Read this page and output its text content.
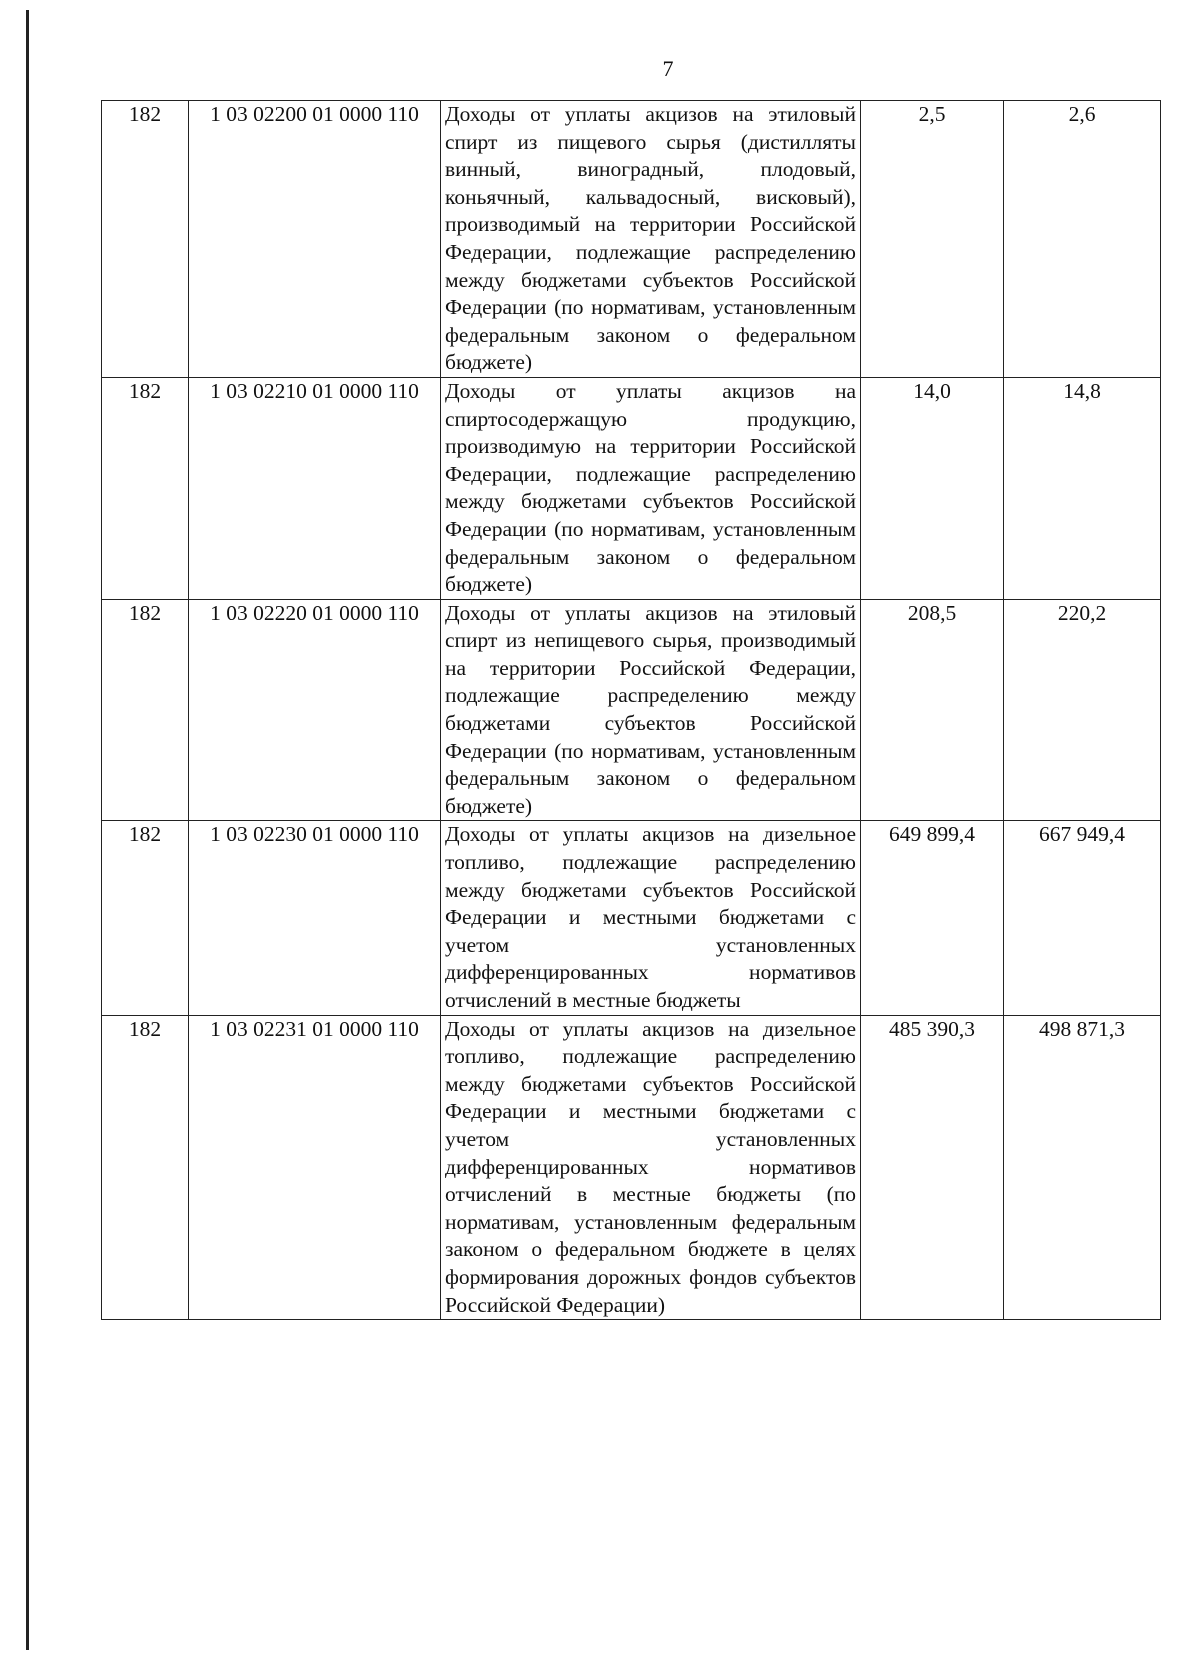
7
182	1 03 02200 01 0000 110	Доходы от уплаты акцизов на этиловый спирт из пищевого сырья (дистилляты винный, виноградный, плодовый, коньячный, кальвадосный, висковый), производимый на территории Российской Федерации, подлежащие распределению между бюджетами субъектов Российской Федерации (по нормативам, установленным федеральным законом о федеральном бюджете)	2,5	2,6
182	1 03 02210 01 0000 110	Доходы от уплаты акцизов на спиртосодержащую продукцию, производимую на территории Российской Федерации, подлежащие распределению между бюджетами субъектов Российской Федерации (по нормативам, установленным федеральным законом о федеральном бюджете)	14,0	14,8
182	1 03 02220 01 0000 110	Доходы от уплаты акцизов на этиловый спирт из непищевого сырья, производимый на территории Российской Федерации, подлежащие распределению между бюджетами субъектов Российской Федерации (по нормативам, установленным федеральным законом о федеральном бюджете)	208,5	220,2
182	1 03 02230 01 0000 110	Доходы от уплаты акцизов на дизельное топливо, подлежащие распределению между бюджетами субъектов Российской Федерации и местными бюджетами с учетом установленных дифференцированных нормативов отчислений в местные бюджеты	649 899,4	667 949,4
182	1 03 02231 01 0000 110	Доходы от уплаты акцизов на дизельное топливо, подлежащие распределению между бюджетами субъектов Российской Федерации и местными бюджетами с учетом установленных дифференцированных нормативов отчислений в местные бюджеты (по нормативам, установленным федеральным законом о федеральном бюджете в целях формирования дорожных фондов субъектов Российской Федерации)	485 390,3	498 871,3
